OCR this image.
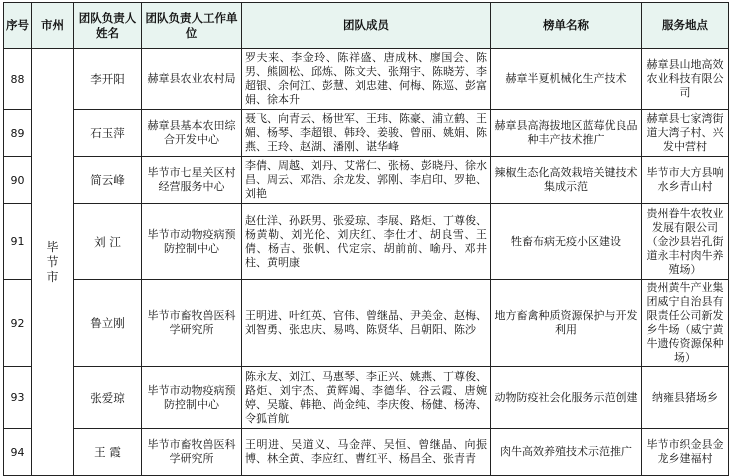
序号	市州	团队负责人姓名	团队负责人工作单位	团队成员	榜单名称	服务地点
88	毕节市	李开阳	赫章县农业农村局	罗夫来、李金玲、陈祥盛、唐成林、廖国会、陈男、熊圆松、邱炼、陈文夫、张翔宇、陈晓芳、李超银、余何江、彭慧、刘忠建、何梅、陈巡、彭富娟、徐本升	赫章半夏机械化生产技术	赫章县山地高效农业科技有限公司
89		石玉萍	赫章县基本农田综合开发中心	聂飞、向青云、杨世军、王玮、陈豪、浦立鹤、王媚、杨琴、李超银、韩玲、姜骏、曾丽、姚娟、陈燕、王玲、赵湖、潘刚、谌华峰	赫章县高海拔地区蓝莓优良品种丰产技术推广	赫章县七家湾街道大湾子村、兴发中营村
90		简云峰	毕节市七星关区村经营服务中心	李倩、周越、刘丹、艾常仁、张杨、彭晓丹、徐水昌、周云、邓浩、余龙发、郭刚、李启印、罗艳、刘艳	辣椒生态化高效栽培关键技术集成示范	毕节市大方县响水乡青山村
91		刘 江	毕节市动物疫病预防控制中心	赵仕洋、孙跃男、张爱琼、李展、路炬、丁尊俊、杨黄勒、刘光伦、刘庆红、李仕才、胡良雪、王倩、杨吉、张帆、代定宗、胡前前、喻丹、邓井柱、黄明康	牲畜布病无疫小区建设	贵州眷牛农牧业发展有限公司（金沙县岩孔街道永丰村肉牛养殖场）
92		鲁立刚	毕节市畜牧兽医科学研究所	王明进、叶红英、官伟、曾继晶、尹美金、赵梅、刘智勇、张忠庆、易鸣、陈贤华、吕朝阳、陈沙	地方畜禽种质资源保护与开发利用	贵州黄牛产业集团威宁自治县有限责任公司新发乡牛场（威宁黄牛遗传资源保种场）
93		张爱琼	毕节市动物疫病预防控制中心	陈永友、刘江、马惠琴、李正兴、姚燕、丁尊俊、路炬、刘宇杰、黄辉竭、李德华、谷云霞、唐婉婷、吴璇、韩艳、尚金纯、李庆俊、杨健、杨涛、令狐首航	动物防疫社会化服务示范创建	纳雍县猪场乡
94		王 霞	毕节市畜牧兽医科学研究所	王明进、吴道义、马金萍、吴恒、曾继晶、向振博、林全黄、李应红、曹红平、杨昌全、张青青	肉牛高效养殖技术示范推广	毕节市织金县金龙乡建福村
